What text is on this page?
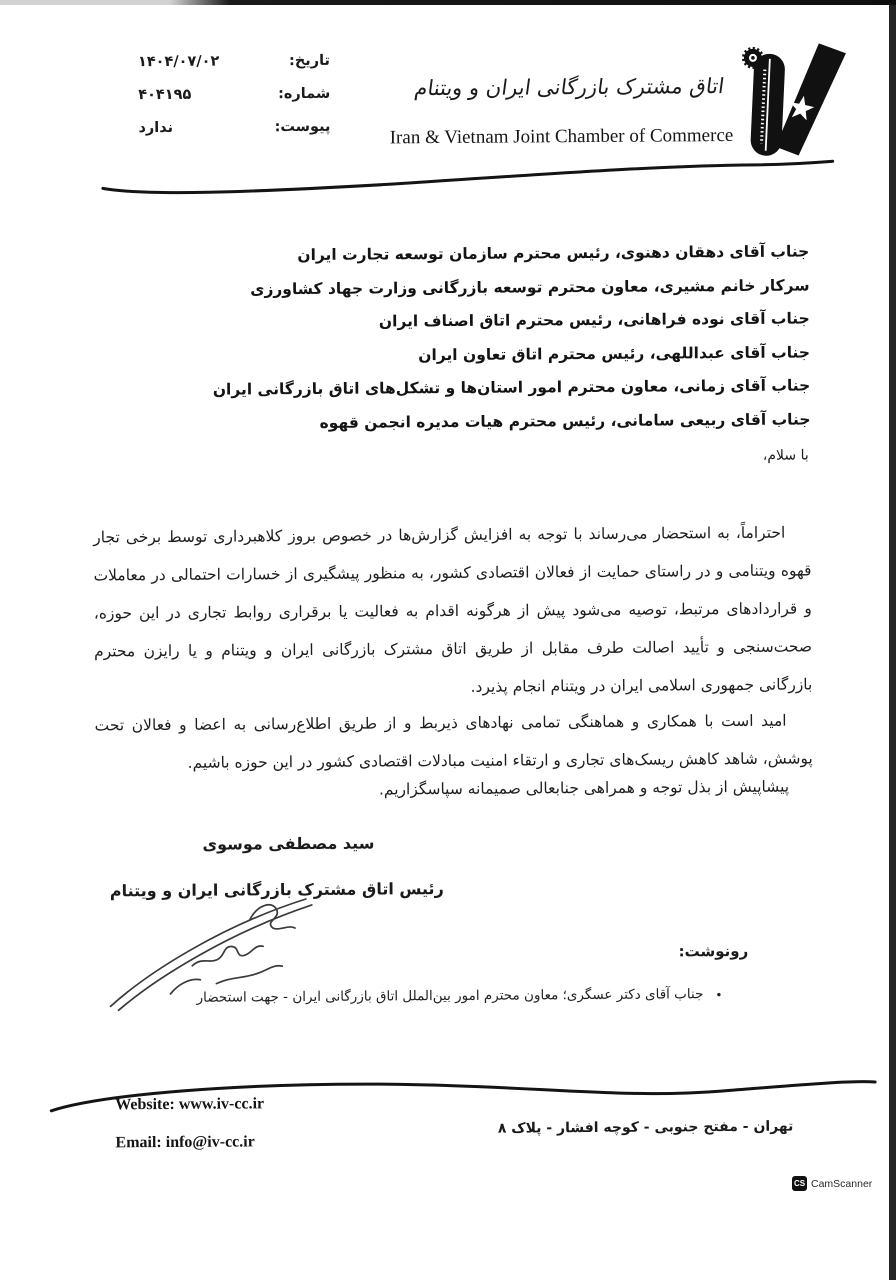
تاریخ:
۱۴۰۴/۰۷/۰۲
شماره:
۴۰۴۱۹۵
پیوست:
ندارد
اتاق مشترک بازرگانی ایران و ویتنام
Iran & Vietnam Joint Chamber of Commerce
جناب آقای دهقان دهنوی، رئیس محترم سازمان توسعه تجارت ایران
سرکار خانم مشیری، معاون محترم توسعه بازرگانی وزارت جهاد کشاورزی
جناب آقای نوده فراهانی، رئیس محترم اتاق اصناف ایران
جناب آقای عبداللهی، رئیس محترم اتاق تعاون ایران
جناب آقای زمانی، معاون محترم امور استان‌ها و تشکل‌های اتاق بازرگانی ایران
جناب آقای ربیعی سامانی، رئیس محترم هیات مدیره انجمن قهوه
با سلام،

احتراماً، به استحضار می‌رساند با توجه به افزایش گزارش‌ها در خصوص بروز کلاهبرداری توسط برخی تجار قهوه ویتنامی و در راستای حمایت از فعالان اقتصادی کشور، به منظور پیشگیری از خسارات احتمالی در معاملات و قراردادهای مرتبط، توصیه می‌شود پیش از هرگونه اقدام به فعالیت یا برقراری روابط تجاری در این حوزه، صحت‌سنجی و تأیید اصالت طرف مقابل از طریق اتاق مشترک بازرگانی ایران و ویتنام و یا رایزن محترم بازرگانی جمهوری اسلامی ایران در ویتنام انجام پذیرد.

امید است با همکاری و هماهنگی تمامی نهادهای ذیربط و از طریق اطلاع‌رسانی به اعضا و فعالان تحت پوشش، شاهد کاهش ریسک‌های تجاری و ارتقاء امنیت مبادلات اقتصادی کشور در این حوزه باشیم.

پیشاپیش از بذل توجه و همراهی جنابعالی صمیمانه سپاسگزاریم.

سید مصطفی موسوی
رئیس اتاق مشترک بازرگانی ایران و ویتنام
رونوشت:
•
جناب آقای دکتر عسگری؛ معاون محترم امور بین‌الملل اتاق بازرگانی ایران - جهت استحضار
Website: www.iv-cc.ir
Email: info@iv-cc.ir
تهران - مفتح جنوبی - کوچه افشار - پلاک ۸
CS CamScanner
